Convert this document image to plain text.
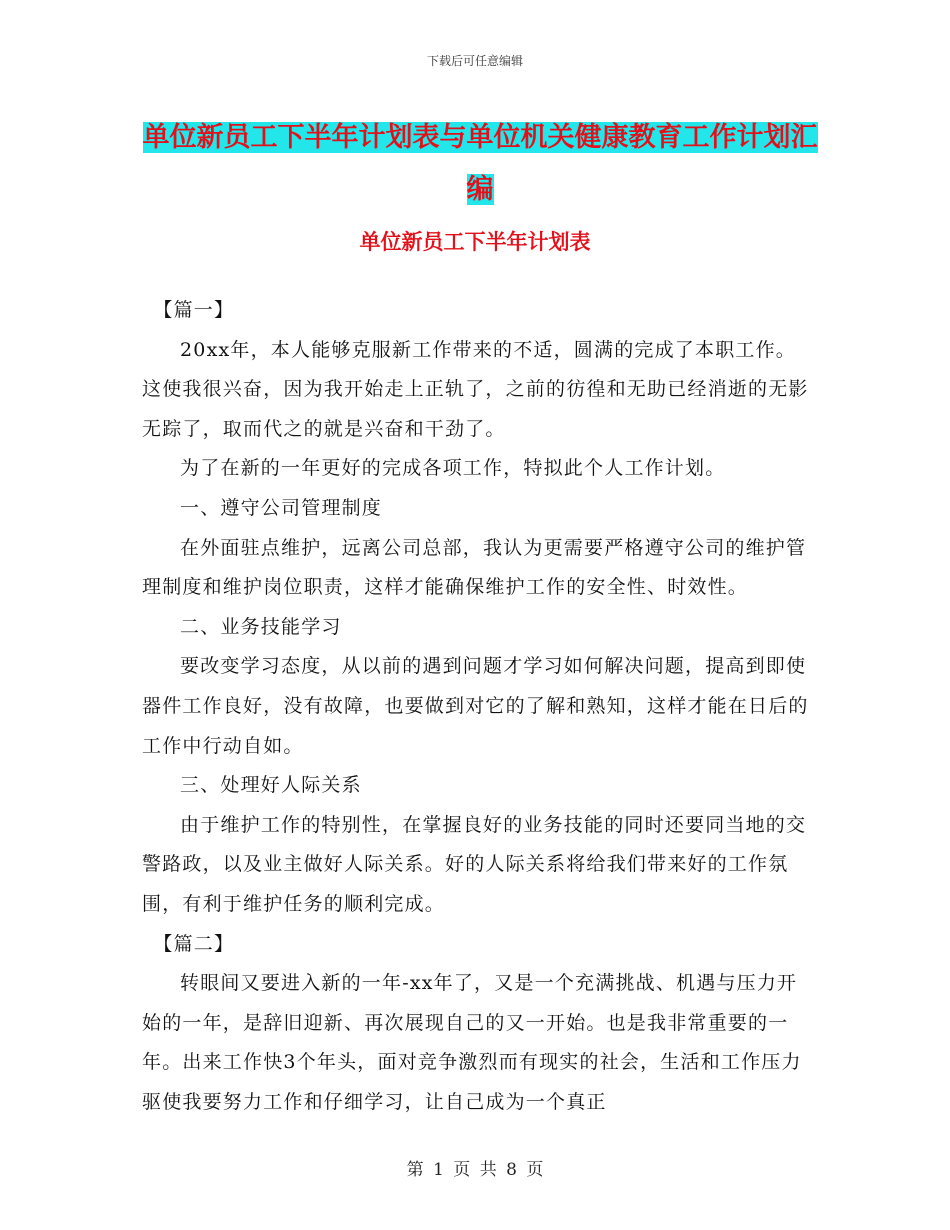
下载后可任意编辑
单位新员工下半年计划表与单位机关健康教育工作计划汇编
单位新员工下半年计划表

【篇一】

20xx年，本人能够克服新工作带来的不适，圆满的完成了本职工作。这使我很兴奋，因为我开始走上正轨了，之前的彷徨和无助已经消逝的无影无踪了，取而代之的就是兴奋和干劲了。

为了在新的一年更好的完成各项工作，特拟此个人工作计划。

一、遵守公司管理制度

在外面驻点维护，远离公司总部，我认为更需要严格遵守公司的维护管理制度和维护岗位职责，这样才能确保维护工作的安全性、时效性。

二、业务技能学习

要改变学习态度，从以前的遇到问题才学习如何解决问题，提高到即使器件工作良好，没有故障，也要做到对它的了解和熟知，这样才能在日后的工作中行动自如。

三、处理好人际关系

由于维护工作的特别性，在掌握良好的业务技能的同时还要同当地的交警路政，以及业主做好人际关系。好的人际关系将给我们带来好的工作氛围，有利于维护任务的顺利完成。

【篇二】

转眼间又要进入新的一年-xx年了，又是一个充满挑战、机遇与压力开始的一年，是辞旧迎新、再次展现自己的又一开始。也是我非常重要的一年。出来工作快3个年头，面对竞争激烈而有现实的社会，生活和工作压力驱使我要努力工作和仔细学习，让自己成为一个真正

第 1 页 共 8 页
